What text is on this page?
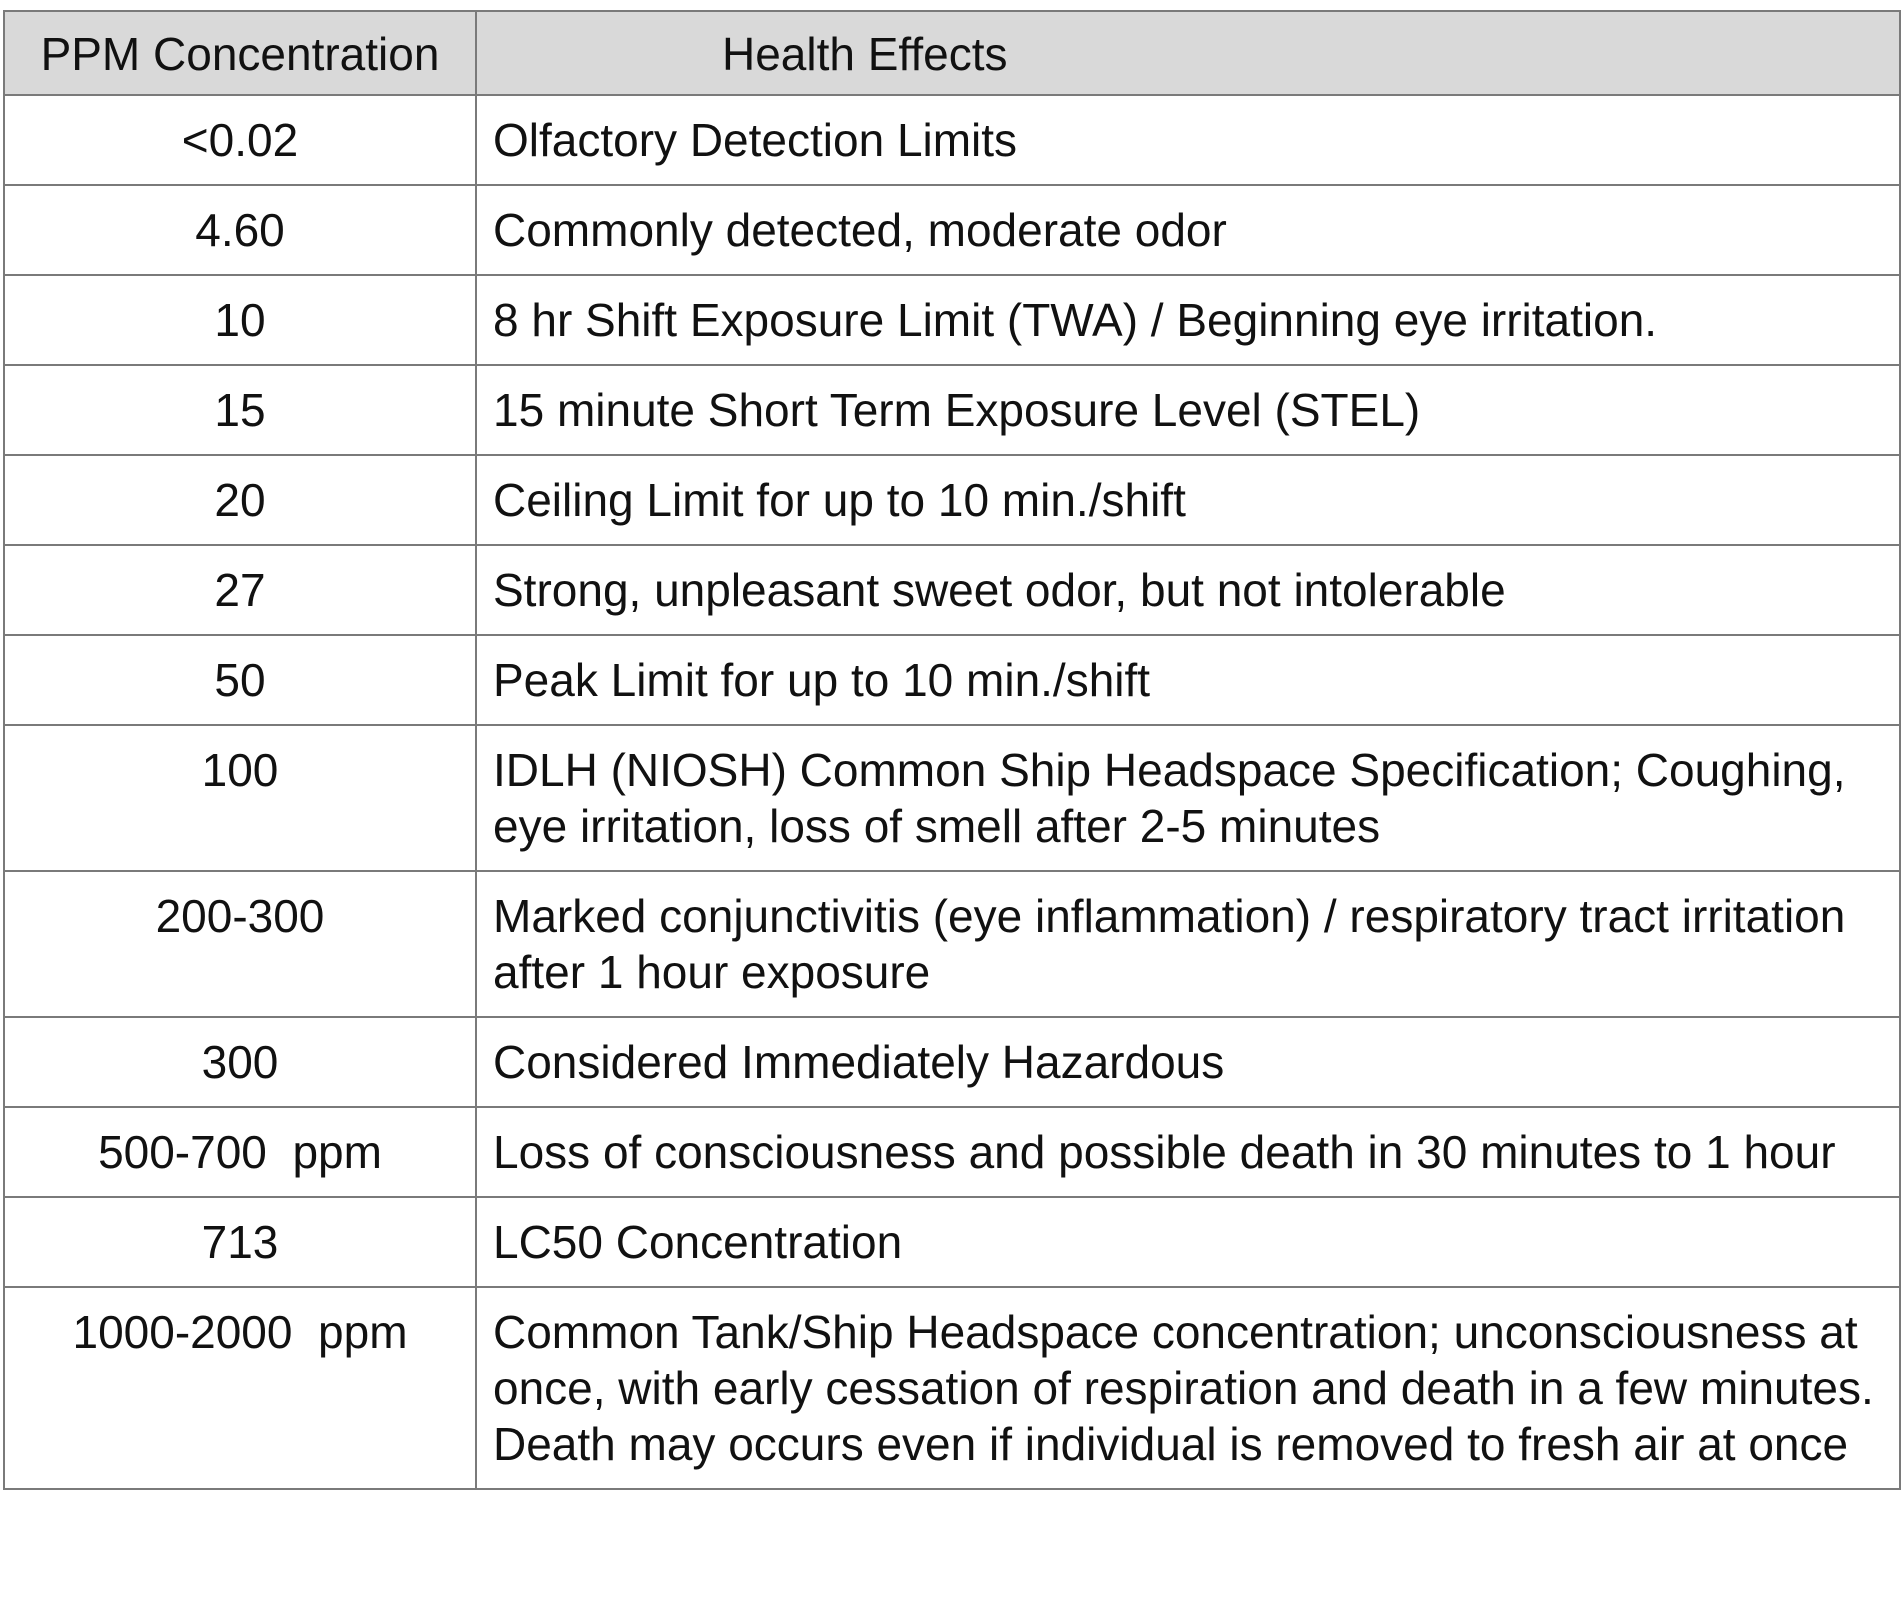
PPM Concentration	Health Effects
<0.02	Olfactory Detection Limits
4.60	Commonly detected, moderate odor
10	8 hr Shift Exposure Limit (TWA) / Beginning eye irritation.
15	15 minute Short Term Exposure Level (STEL)
20	Ceiling Limit for up to 10 min./shift
27	Strong, unpleasant sweet odor, but not intolerable
50	Peak Limit for up to 10 min./shift
100	IDLH (NIOSH) Common Ship Headspace Specification; Coughing, eye irritation, loss of smell after 2-5 minutes
200-300	Marked conjunctivitis (eye inflammation) / respiratory tract irritation after 1 hour exposure
300	Considered Immediately Hazardous
500-700  ppm	Loss of consciousness and possible death in 30 minutes to 1 hour
713	LC50 Concentration
1000-2000  ppm	Common Tank/Ship Headspace concentration; unconsciousness at once, with early cessation of respiration and death in a few minutes. Death may occurs even if individual is removed to fresh air at once
